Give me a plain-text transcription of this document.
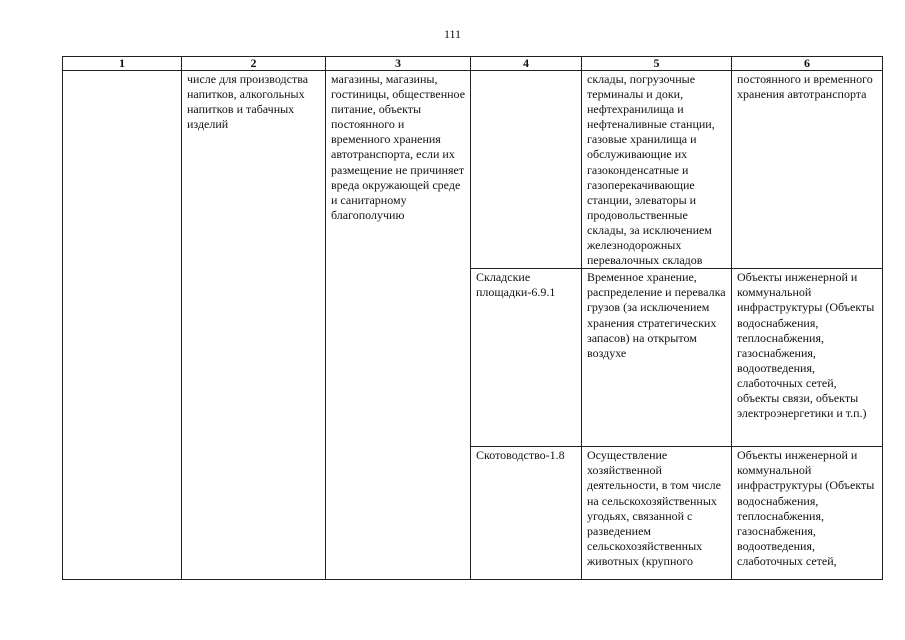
111
1	2	3	4	5	6
	числе для производства напитков, алкогольных напитков и табачных изделий	магазины, магазины, гостиницы, общественное питание, объекты постоянного и временного хранения автотранспорта, если их размещение не причиняет вреда окружающей среде и санитарному благополучию		склады, погрузочные терминалы и доки, нефтехранилища и нефтеналивные станции, газовые хранилища и обслуживающие их газоконденсатные и газоперекачивающие станции, элеваторы и продовольственные склады, за исключением железнодорожных перевалочных складов	постоянного и временного хранения автотранспорта
			Складские площадки-6.9.1	Временное хранение, распределение и перевалка грузов (за исключением хранения стратегических запасов) на открытом воздухе	Объекты инженерной и коммунальной инфраструктуры (Объекты водоснабжения, теплоснабжения, газоснабжения, водоотведения, слаботочных сетей, объекты связи, объекты электроэнергетики и т.п.)
			Скотоводство-1.8	Осуществление хозяйственной деятельности, в том числе на сельскохозяйственных угодьях, связанной с разведением сельскохозяйственных животных (крупного	Объекты инженерной и коммунальной инфраструктуры (Объекты водоснабжения, теплоснабжения, газоснабжения, водоотведения, слаботочных сетей,
